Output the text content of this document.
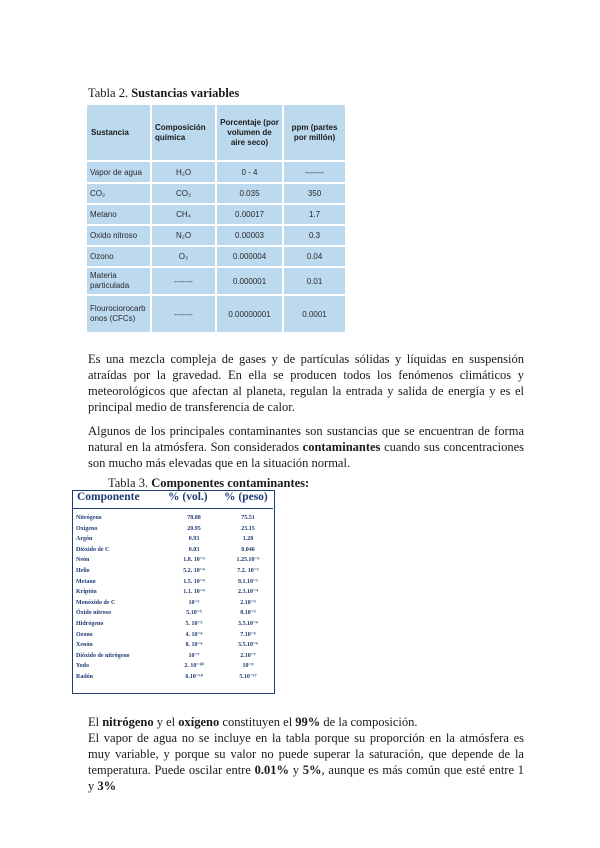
Tabla 2. Sustancias variables
Sustancia	Composición química	Porcentaje (por volumen de aire seco)	ppm (partes por millón)
Vapor de agua	H₂O	0 - 4	-------
CO₂	CO₂	0.035	350
Metano	CH₄	0.00017	1.7
Oxido nitroso	N₂O	0.00003	0.3
Ozono	O₃	0.000004	0.04
Materia particulada	-------	0.000001	0.01
Flourociorocarbonos (CFCs)	-------	0.00000001	0.0001
Es una mezcla compleja de gases y de partículas sólidas y líquidas en suspensión atraídas por la gravedad. En ella se producen todos los fenómenos climáticos y meteorológicos que afectan al planeta, regulan la entrada y salida de energía y es el principal medio de transferencia de calor.
Algunos de los principales contaminantes son sustancias que se encuentran de forma natural en la atmósfera. Son considerados contaminantes cuando sus concentraciones son mucho más elevadas que en la situación normal.
Tabla 3. Componentes contaminantes:
Componente % (vol.) % (peso)
Nitrógeno	78.08	75.51
Oxígeno	20.95	23.15
Argón	0.93	1.28
Dióxido de C	0.03	0.046
Neón	1.8. 10⁻³	1.25.10⁻³
Helio	5.2. 10⁻⁴	7.2. 10⁻⁵
Metano	1.5. 10⁻⁴	9.1.10⁻⁵
Kriptón	1.1. 10⁻⁴	2.3.10⁻⁴
Monóxido de C	10⁻⁵	2.10⁻⁵
Óxido nitroso	5.10⁻⁵	8.10⁻⁵
Hidrógeno	5. 10⁻⁵	3.5.10⁻⁶
Ozono	4. 10⁻⁶	7.10⁻⁶
Xenón	8. 10⁻⁶	3.5.10⁻⁶
Dióxido de nitrógeno	10⁻⁷	2.10⁻⁷
Yodo	2. 10⁻¹⁰	10⁻⁹
Radón	6.10⁻¹⁸	5.10⁻¹⁷
El nitrógeno y el oxígeno constituyen el 99% de la composición.
El vapor de agua no se incluye en la tabla porque su proporción en la atmósfera es muy variable, y porque su valor no puede superar la saturación, que depende de la temperatura. Puede oscilar entre 0.01% y 5%, aunque es más común que esté entre 1 y 3%
